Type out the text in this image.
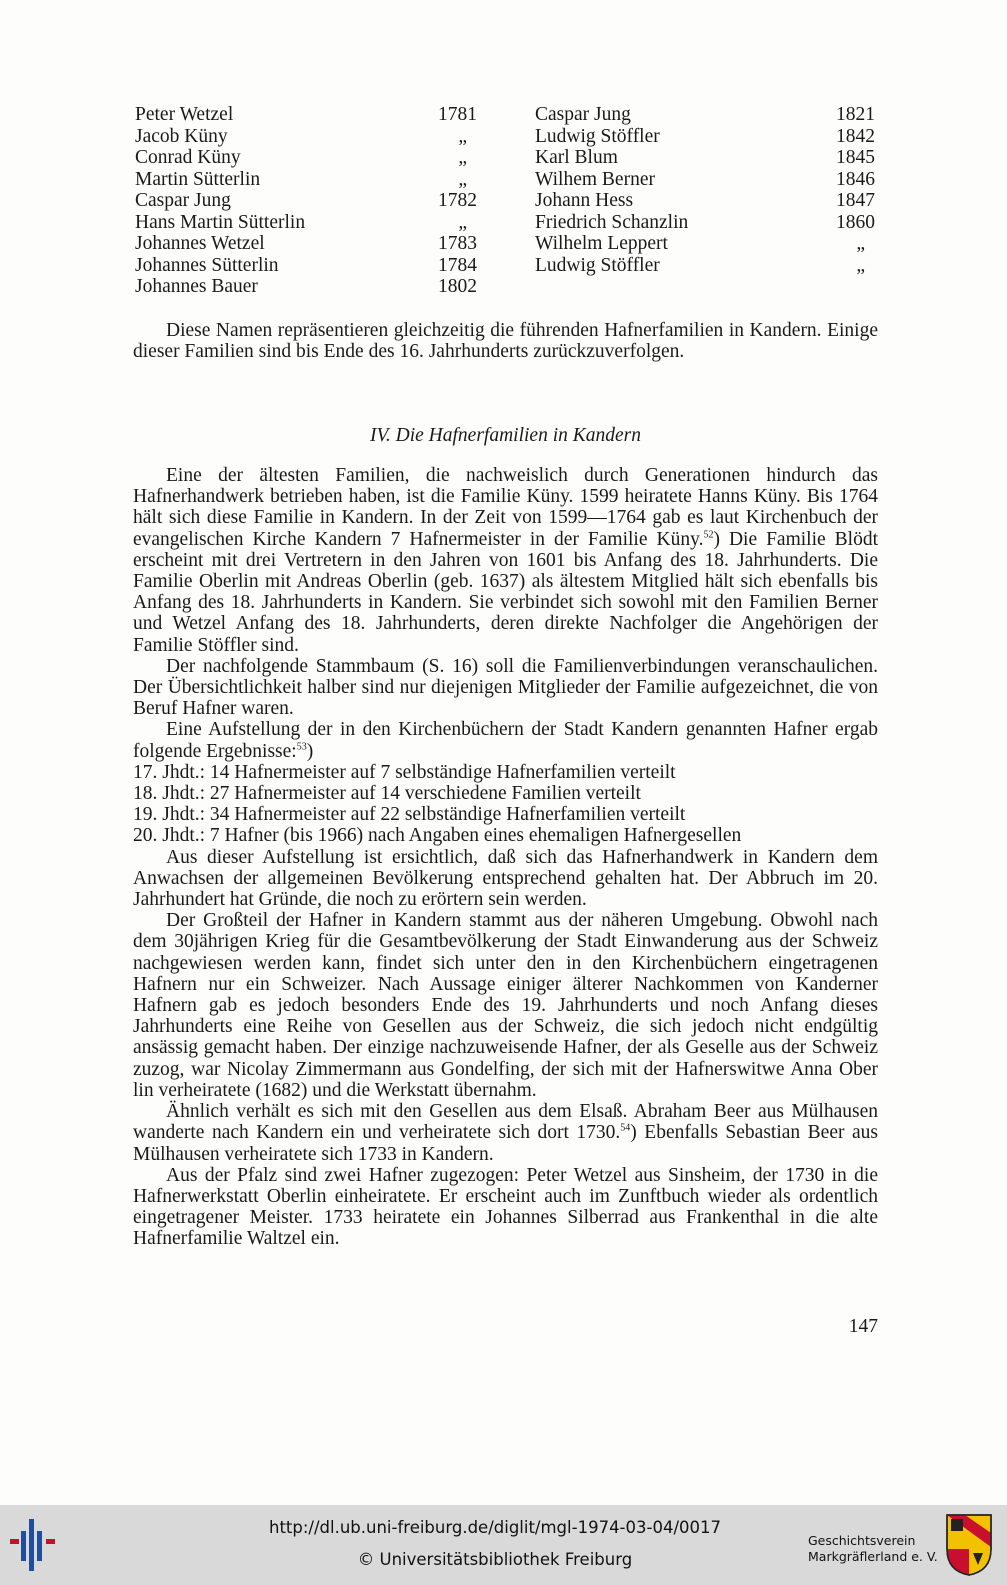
Peter Wetzel	1781
Jacob Küny	„
Conrad Küny	„
Martin Sütterlin	„
Caspar Jung	1782
Hans Martin Sütterlin	„
Johannes Wetzel	1783
Johannes Sütterlin	1784
Johannes Bauer	1802
Caspar Jung	1821
Ludwig Stöffler	1842
Karl Blum	1845
Wilhem Berner	1846
Johann Hess	1847
Friedrich Schanzlin	1860
Wilhelm Leppert	„
Ludwig Stöffler	„

Diese Namen repräsentieren gleichzeitig die führenden Hafnerfamilien in Kandern. Einige dieser Familien sind bis Ende des 16. Jahrhunderts zurückzuverfolgen.

IV. Die Hafnerfamilien in Kandern

Eine der ältesten Familien, die nachweislich durch Generationen hindurch das Hafnerhandwerk betrieben haben, ist die Familie Küny. 1599 heiratete Hanns Küny. Bis 1764 hält sich diese Familie in Kandern. In der Zeit von 1599—1764 gab es laut Kirchenbuch der evangelischen Kirche Kandern 7 Hafnermeister in der Familie Küny.$^{52}$) Die Familie Blödt erscheint mit drei Vertretern in den Jahren von 1601 bis Anfang des 18. Jahrhunderts. Die Familie Oberlin mit Andreas Oberlin (geb. 1637) als ältestem Mitglied hält sich ebenfalls bis Anfang des 18. Jahrhunderts in Kandern. Sie verbindet sich sowohl mit den Familien Berner und Wetzel Anfang des 18. Jahrhunderts, deren direkte Nachfolger die Angehörigen der Familie Stöffler sind.

Der nachfolgende Stammbaum (S. 16) soll die Familienverbindungen veranschaulichen. Der Übersichtlichkeit halber sind nur diejenigen Mitglieder der Familie aufgezeichnet, die von Beruf Hafner waren.

Eine Aufstellung der in den Kirchenbüchern der Stadt Kandern genannten Hafner ergab folgende Ergebnisse:$^{53}$)

17. Jhdt.: 14 Hafnermeister auf 7 selbständige Hafnerfamilien verteilt

18. Jhdt.: 27 Hafnermeister auf 14 verschiedene Familien verteilt

19. Jhdt.: 34 Hafnermeister auf 22 selbständige Hafnerfamilien verteilt

20. Jhdt.: 7 Hafner (bis 1966) nach Angaben eines ehemaligen Hafnergesellen

Aus dieser Aufstellung ist ersichtlich, daß sich das Hafnerhandwerk in Kandern dem Anwachsen der allgemeinen Bevölkerung entsprechend gehalten hat. Der Abbruch im 20. Jahrhundert hat Gründe, die noch zu erörtern sein werden.

Der Großteil der Hafner in Kandern stammt aus der näheren Umgebung. Obwohl nach dem 30jährigen Krieg für die Gesamtbevölkerung der Stadt Einwanderung aus der Schweiz nachgewiesen werden kann, findet sich unter den in den Kirchenbüchern eingetragenen Hafnern nur ein Schweizer. Nach Aussage einiger älterer Nachkommen von Kanderner Hafnern gab es jedoch besonders Ende des 19. Jahrhunderts und noch Anfang dieses Jahrhunderts eine Reihe von Gesellen aus der Schweiz, die sich jedoch nicht endgültig ansässig gemacht haben. Der einzige nachzuweisende Hafner, der als Geselle aus der Schweiz zuzog, war Nicolay Zimmermann aus Gondelfing, der sich mit der Hafnerswitwe Anna Ober lin verheiratete (1682) und die Werkstatt übernahm.

Ähnlich verhält es sich mit den Gesellen aus dem Elsaß. Abraham Beer aus Mülhausen wanderte nach Kandern ein und verheiratete sich dort 1730.54) Ebenfalls Sebastian Beer aus Mülhausen verheiratete sich 1733 in Kandern.

Aus der Pfalz sind zwei Hafner zugezogen: Peter Wetzel aus Sinsheim, der 1730 in die Hafnerwerkstatt Oberlin einheiratete. Er erscheint auch im Zunftbuch wieder als ordentlich eingetragener Meister. 1733 heiratete ein Johannes Silberrad aus Frankenthal in die alte Hafnerfamilie Waltzel ein.

147
http://dl.ub.uni-freiburg.de/diglit/mgl-1974-03-04/0017
© Universitätsbibliothek Freiburg
Geschichtsverein
Markgräflerland e. V.
